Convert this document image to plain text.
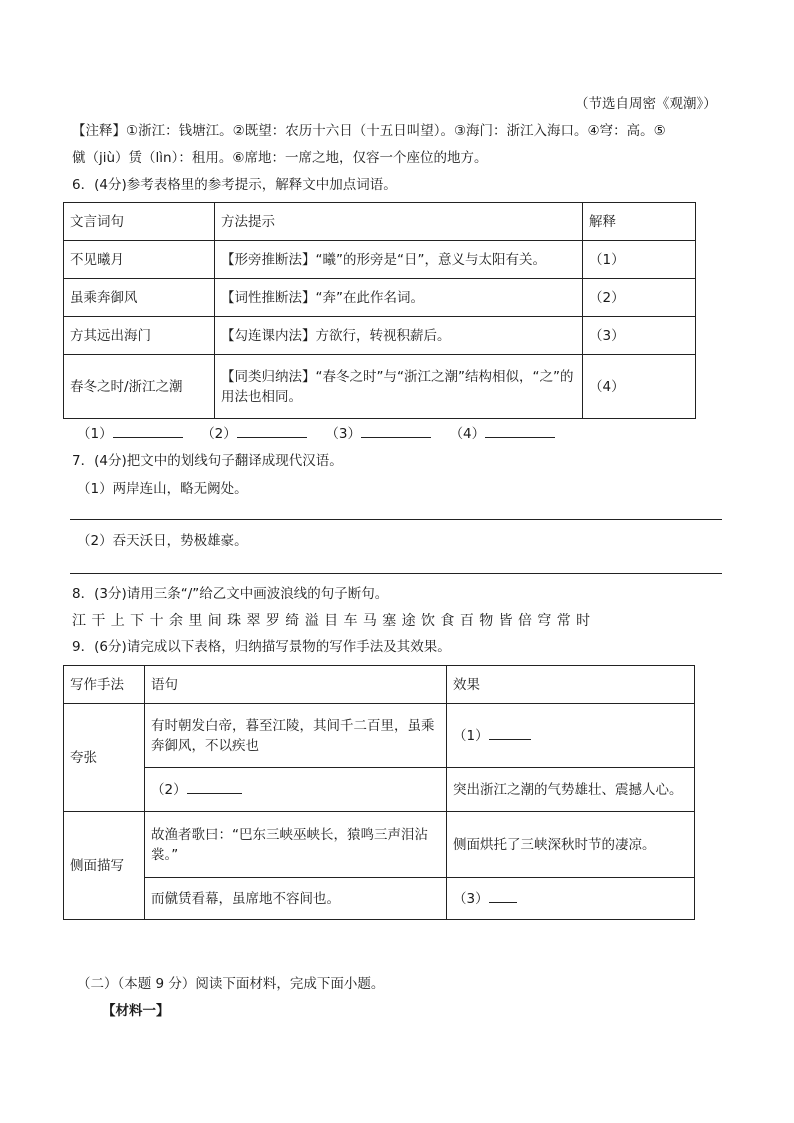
（节选自周密《观潮》）
【注释】①浙江：钱塘江。②既望：农历十六日（十五日叫望）。③海门：浙江入海口。④穹：高。⑤
僦（jiù）赁（lìn）：租用。⑥席地：一席之地，仅容一个座位的地方。
6．(4分)参考表格里的参考提示，解释文中加点词语。
文言词句	方法提示	解释
不见曦月	【形旁推断法】“曦”的形旁是“日”，意义与太阳有关。	（1）
虽乘奔御风	【词性推断法】“奔”在此作名词。	（2）
方其远出海门	【勾连课内法】方欲行，转视积薪后。	（3）
春冬之时/浙江之潮	【同类归纳法】“春冬之时”与“浙江之潮”结构相似，“之”的
用法也相同。	（4）
（1）	（2）	（3）	（4）
7．(4分)把文中的划线句子翻译成现代汉语。
（1）两岸连山，略无阙处。
（2）吞天沃日，势极雄豪。
8．(3分)请用三条“/”给乙文中画波浪线的句子断句。
江 干 上 下 十 余 里 间 珠 翠 罗 绮 溢 目 车 马 塞 途 饮 食 百 物 皆 倍 穹 常 时
9．(6分)请完成以下表格，归纳描写景物的写作手法及其效果。
写作手法	语句	效果
夸张	有时朝发白帝，暮至江陵，其间千二百里，虽乘
奔御风，不以疾也	（1）
	（2）	突出浙江之潮的气势雄壮、震撼人心。
侧面描写	故渔者歌曰：“巴东三峡巫峡长，猿鸣三声泪沾
裳。”	侧面烘托了三峡深秋时节的凄凉。
	而僦赁看幕，虽席地不容间也。	（3）
（二）（本题 9 分）阅读下面材料，完成下面小题。
【材料一】
